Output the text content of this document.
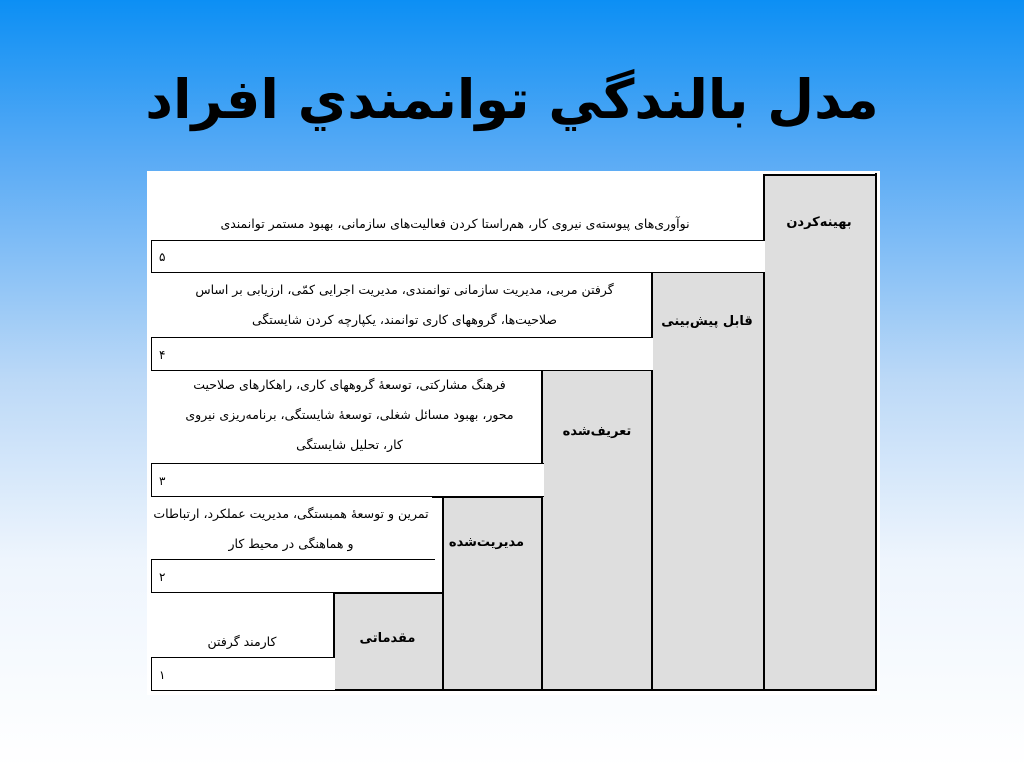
مدل بالندگي توانمندي افراد
مقدماتی
مدیریت‌شده
تعریف‌شده
قابل پیش‌بینی
بهینه‌کردن
۱
۲
۳
۴
۵
کارمند گرفتن
تمرین و توسعهٔ همبستگی، مدیریت عملکرد، ارتباطات و هماهنگی در محیط کار
فرهنگ مشارکتی، توسعهٔ گروههای کاری، راهکارهای صلاحیت محور، بهبود مسائل شغلی، توسعهٔ شایستگی، برنامه‌ریزی نیروی کار، تحلیل شایستگی
گرفتن مربی، مدیریت سازمانی توانمندی، مدیریت اجرایی کمّی، ارزیابی بر اساس صلاحیت‌ها، گروههای کاری توانمند، یکپارچه کردن شایستگی
نوآوری‌های پیوسته‌ی نیروی کار، هم‌راستا کردن فعالیت‌های سازمانی، بهبود مستمر توانمندی
